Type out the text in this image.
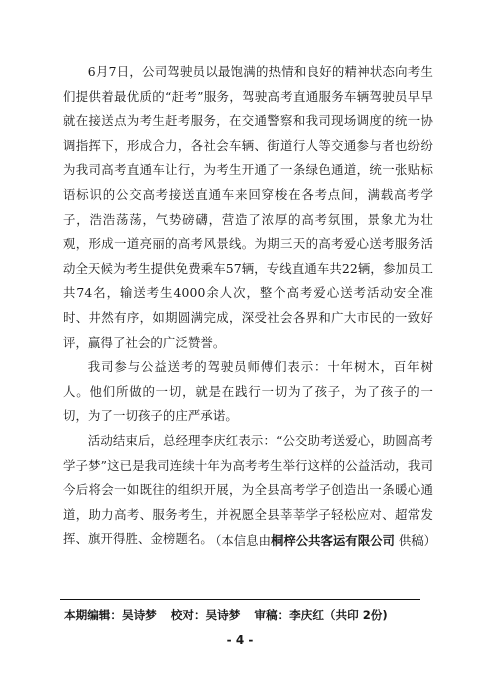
6月7日，公司驾驶员以最饱满的热情和良好的精神状态向考生们提供着最优质的“赶考”服务，驾驶高考直通服务车辆驾驶员早早就在接送点为考生赶考服务，在交通警察和我司现场调度的统一协调指挥下，形成合力，各社会车辆、街道行人等交通参与者也纷纷为我司高考直通车让行，为考生开通了一条绿色通道，统一张贴标语标识的公交高考接送直通车来回穿梭在各考点间，满载高考学子，浩浩荡荡，气势磅礴，营造了浓厚的高考氛围，景象尤为壮观，形成一道亮丽的高考风景线。为期三天的高考爱心送考服务活动全天候为考生提供免费乘车57辆，专线直通车共22辆，参加员工共74名，输送考生4000余人次，整个高考爱心送考活动安全准时、井然有序，如期圆满完成，深受社会各界和广大市民的一致好评，赢得了社会的广泛赞誉。

我司参与公益送考的驾驶员师傅们表示：十年树木，百年树人。他们所做的一切，就是在践行一切为了孩子，为了孩子的一切，为了一切孩子的庄严承诺。

活动结束后，总经理李庆红表示：“公交助考送爱心，助圆高考学子梦”这已是我司连续十年为高考考生举行这样的公益活动，我司今后将会一如既往的组织开展，为全县高考学子创造出一条暖心通道，助力高考、服务考生，并祝愿全县莘莘学子轻松应对、超常发挥、旗开得胜、金榜题名。

（本信息由桐梓公共客运有限公司 供稿）

本期编辑：吴诗梦 校对：吴诗梦 审稿：李庆红（共印 2份)

- 4 -
